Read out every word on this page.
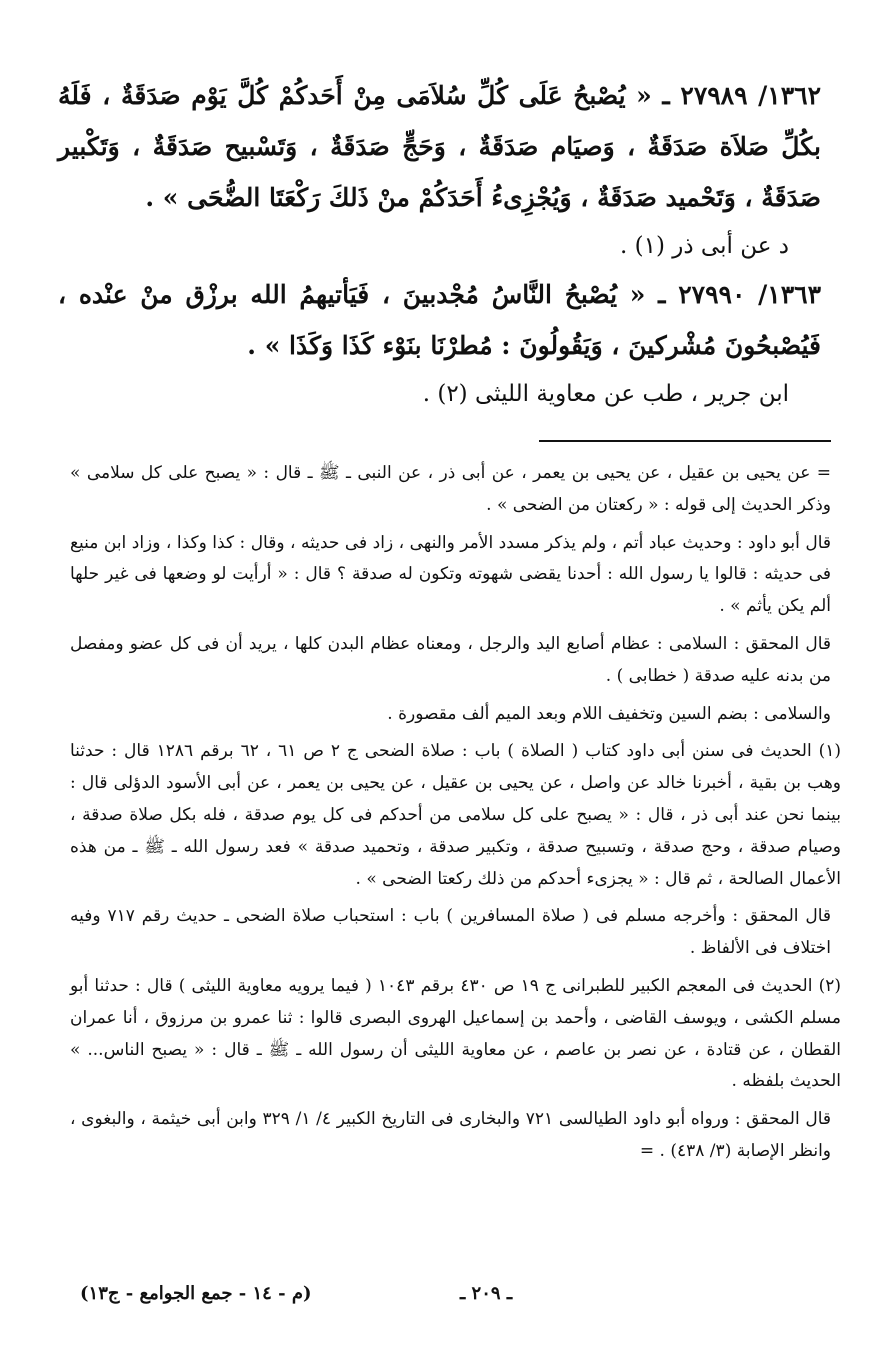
١٣٦٢/ ٢٧٩٨٩ ـ « يُصْبحُ عَلَى كُلِّ سُلاَمَى مِنْ أَحَدكُمْ كُلَّ يَوْم صَدَقَةٌ ، فَلَهُ بكُلِّ صَلاَة صَدَقَةٌ ، وَصيَام صَدَقَةٌ ، وَحَجٍّ صَدَقَةٌ ، وَتَسْبيح صَدَقَةٌ ، وَتَكْبير صَدَقَةٌ ، وَتَحْميد صَدَقَةٌ ، وَيُجْزِىءُ أَحَدَكُمْ منْ ذَلكَ رَكْعَتَا الضُّحَى » .

د عن أبى ذر (١) .

١٣٦٣/ ٢٧٩٩٠ ـ « يُصْبحُ النَّاسُ مُجْدبينَ ، فَيَأتيهمُ الله برزْق منْ عنْده ، فَيُصْبحُونَ مُشْركينَ ، وَيَقُولُونَ : مُطرْنَا بنَوْء كَذَا وَكَذَا » .

ابن جرير ، طب عن معاوية الليثى (٢) .

= عن يحيى بن عقيل ، عن يحيى بن يعمر ، عن أبى ذر ، عن النبى ـ ﷺ ـ قال : « يصبح على كل سلامى » وذكر الحديث إلى قوله : « ركعتان من الضحى » .

قال أبو داود : وحديث عباد أتم ، ولم يذكر مسدد الأمر والنهى ، زاد فى حديثه ، وقال : كذا وكذا ، وزاد ابن منيع فى حديثه : قالوا يا رسول الله : أحدنا يقضى شهوته وتكون له صدقة ؟ قال : « أرأيت لو وضعها فى غير حلها ألم يكن يأثم » .

قال المحقق : السلامى : عظام أصابع اليد والرجل ، ومعناه عظام البدن كلها ، يريد أن فى كل عضو ومفصل من بدنه عليه صدقة ( خطابى ) .

والسلامى : بضم السين وتخفيف اللام وبعد الميم ألف مقصورة .

(١) الحديث فى سنن أبى داود كتاب ( الصلاة ) باب : صلاة الضحى ج ٢ ص ٦١ ، ٦٢ برقم ١٢٨٦ قال : حدثنا وهب بن بقية ، أخبرنا خالد عن واصل ، عن يحيى بن عقيل ، عن يحيى بن يعمر ، عن أبى الأسود الدؤلى قال : بينما نحن عند أبى ذر ، قال : « يصبح على كل سلامى من أحدكم فى كل يوم صدقة ، فله بكل صلاة صدقة ، وصيام صدقة ، وحج صدقة ، وتسبيح صدقة ، وتكبير صدقة ، وتحميد صدقة » فعد رسول الله ـ ﷺ ـ من هذه الأعمال الصالحة ، ثم قال : « يجزىء أحدكم من ذلك ركعتا الضحى » .

قال المحقق : وأخرجه مسلم فى ( صلاة المسافرين ) باب : استحباب صلاة الضحى ـ حديث رقم ٧١٧ وفيه اختلاف فى الألفاظ .

(٢) الحديث فى المعجم الكبير للطبرانى ج ١٩ ص ٤٣٠ برقم ١٠٤٣ ( فيما يرويه معاوية الليثى ) قال : حدثنا أبو مسلم الكشى ، ويوسف القاضى ، وأحمد بن إسماعيل الهروى البصرى قالوا : ثنا عمرو بن مرزوق ، أنا عمران القطان ، عن قتادة ، عن نصر بن عاصم ، عن معاوية الليثى أن رسول الله ـ ﷺ ـ قال : « يصبح الناس... » الحديث بلفظه .

قال المحقق : ورواه أبو داود الطيالسى ٧٢١ والبخارى فى التاريخ الكبير ٤/ ١/ ٣٢٩ وابن أبى خيثمة ، والبغوى ، وانظر الإصابة (٣/ ٤٣٨) . =

ـ ٢٠٩ ـ
(م - ١٤ - جمع الجوامع - ج١٣)
